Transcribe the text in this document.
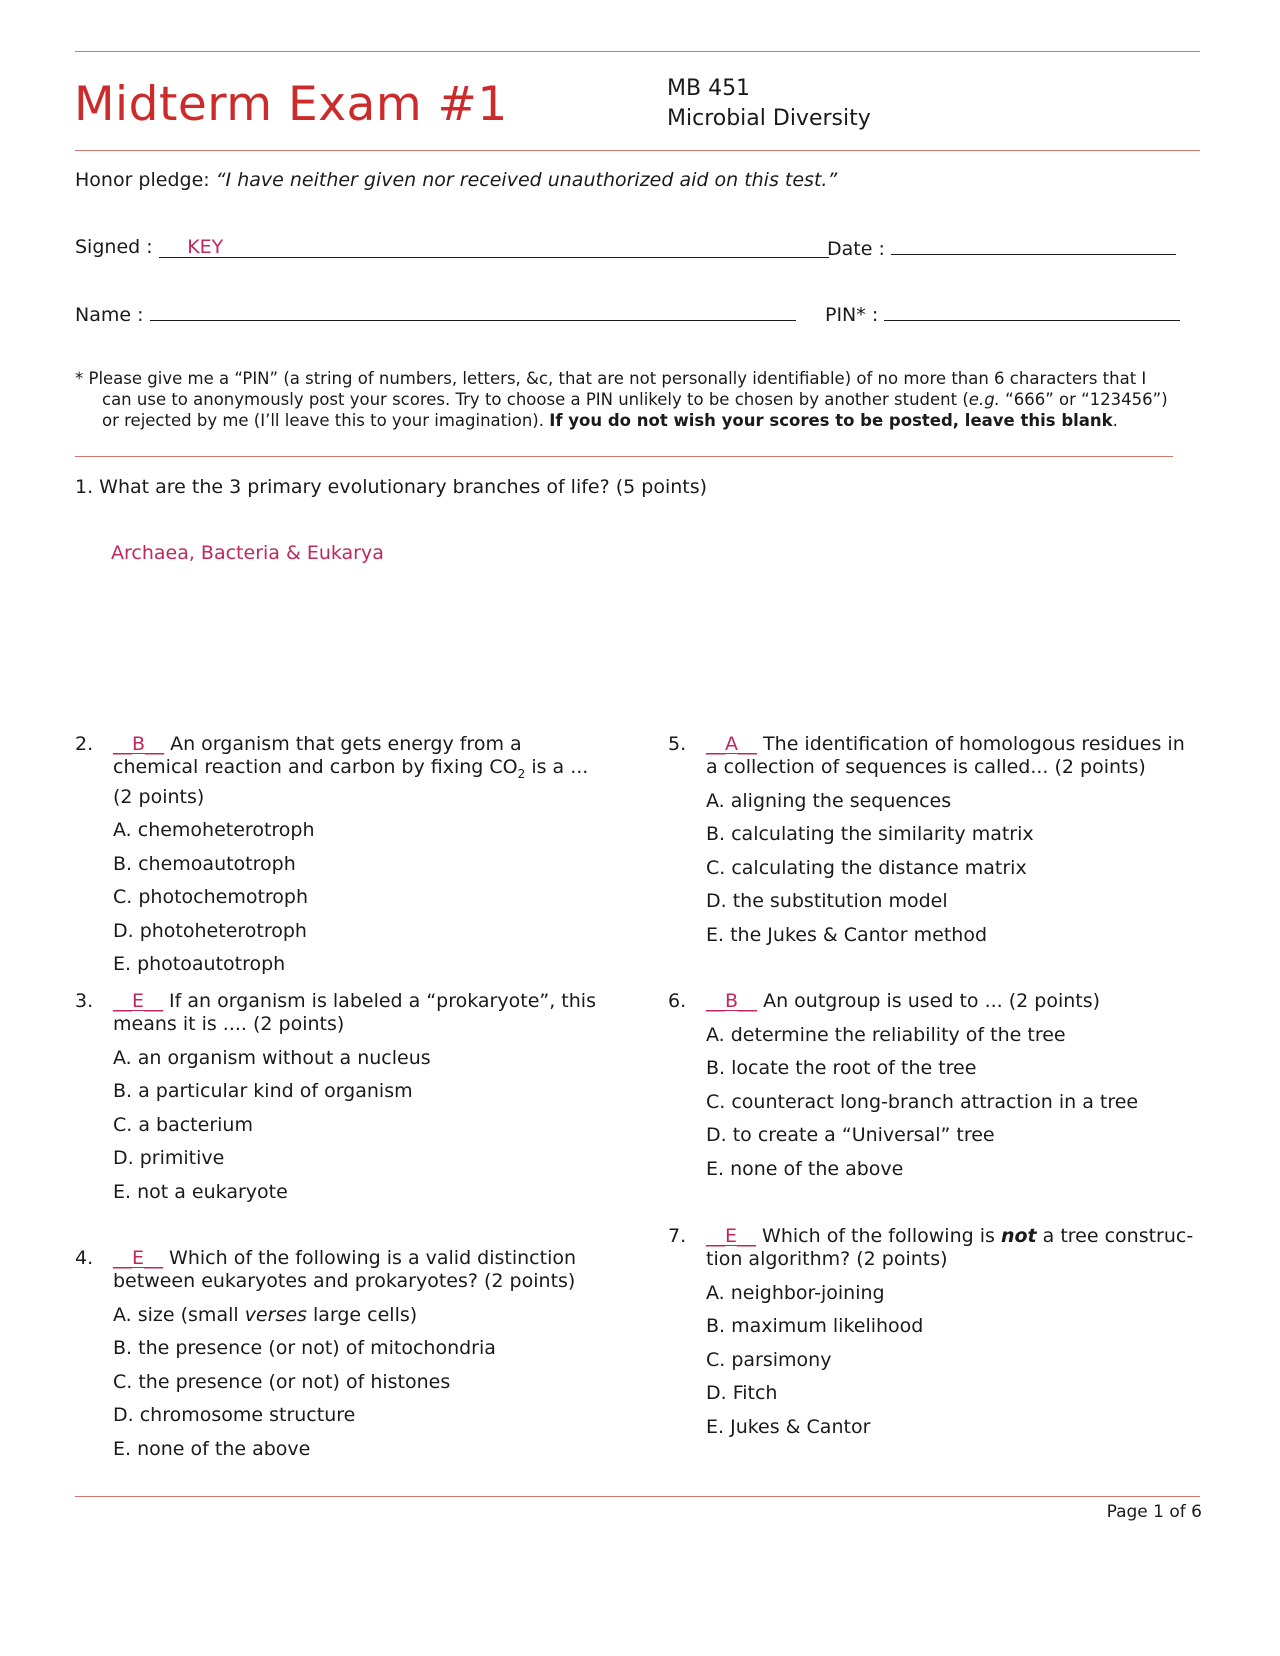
Midterm Exam #1	MB 451
Microbial Diversity
Honor pledge: “I have neither given nor received unauthorized aid on this test.”
Signed : KEY	Date :
Name :	PIN* :
* Please give me a “PIN” (a string of numbers, letters, &c, that are not personally identifiable) of no more than 6 characters that I
can use to anonymously post your scores. Try to choose a PIN unlikely to be chosen by another student (e.g. “666” or “123456”)
or rejected by me (I’ll leave this to your imagination). If you do not wish your scores to be posted, leave this blank.
1. What are the 3 primary evolutionary branches of life? (5 points)
Archaea, Bacteria & Eukarya
2. __B__ An organism that gets energy from a chemical reaction and carbon by fixing $CO_2$ is a ... (2 points)
A. chemoheterotroph
B. chemoautotroph
C. photochemotroph
D. photoheterotroph
E. photoautotroph
3. __E__ If an organism is labeled a “prokaryote”, this means it is .... (2 points)
A. an organism without a nucleus
B. a particular kind of organism
C. a bacterium
D. primitive
E. not a eukaryote
4. __E__ Which of the following is a valid distinction between eukaryotes and prokaryotes? (2 points)
A. size (small verses large cells)
B. the presence (or not) of mitochondria
C. the presence (or not) of histones
D. chromosome structure
E. none of the above
5. __A__ The identification of homologous residues in a collection of sequences is called... (2 points)
A. aligning the sequences
B. calculating the similarity matrix
C. calculating the distance matrix
D. the substitution model
E. the Jukes & Cantor method
6. __B__ An outgroup is used to ... (2 points)
A. determine the reliability of the tree
B. locate the root of the tree
C. counteract long-branch attraction in a tree
D. to create a “Universal” tree
E. none of the above
7. __E__ Which of the following is not a tree construc-tion algorithm? (2 points)
A. neighbor-joining
B. maximum likelihood
C. parsimony
D. Fitch
E. Jukes & Cantor
Page 1 of 6
